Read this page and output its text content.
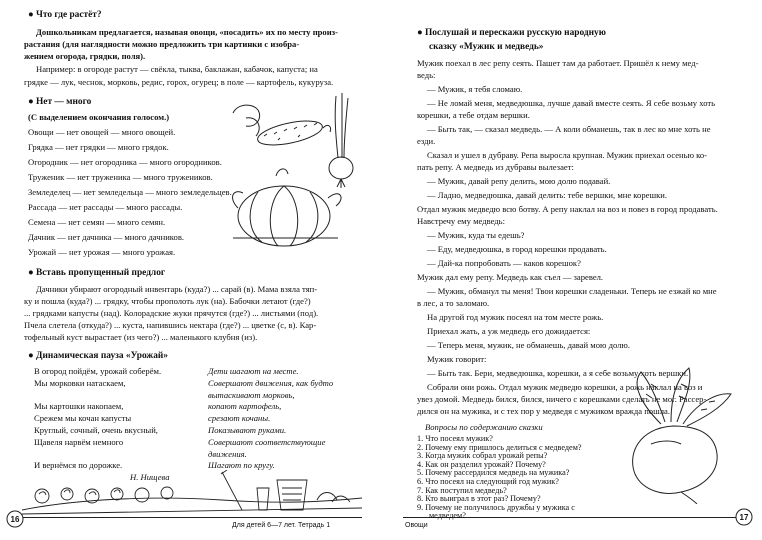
● Что где растёт?
Дошкольникам предлагается, называя овощи, «посадить» их по месту произ-
растания (для наглядности можно предложить три картинки с изобра-
жением огорода, грядки, поля).
Например: в огороде растут — свёкла, тыква, баклажан, кабачок, капуста; на
грядке — лук, чеснок, морковь, редис, горох, огурец; в поле — картофель, кукуруза.
● Нет — много
(С выделением окончания голосом.)
Овощи — нет овощей — много овощей.
Грядка — нет грядки — много грядок.
Огородник — нет огородника — много огородников.
Труженик — нет труженика — много тружеников.
Земледелец — нет земледельца — много земледельцев.
Рассада — нет рассады — много рассады.
Семена — нет семян — много семян.
Дачник — нет дачника — много дачников.
Урожай — нет урожая — много урожая.
● Вставь пропущенный предлог
Дачники убирают огородный инвентарь (куда?) ... сарай (в). Мама взяла тяп-
ку и пошла (куда?) ... грядку, чтобы прополоть лук (на). Бабочки летают (где?)
... грядками капусты (над). Колорадские жуки прячутся (где?) ... листьями (под).
Пчела слетела (откуда?) ... куста, напившись нектара (где?) ... цветке (с, в). Кар-
тофельный куст вырастает (из чего?) ... маленького клубня (из).
● Динамическая пауза «Урожай»
В огород пойдём, урожай соберём.
Мы морковки натаскаем,
Мы картошки накопаем,
Срежем мы кочан капусты
Круглый, сочный, очень вкусный,
Щавеля нарвём немного
И вернёмся по дорожке.
Н. Нищева
Дети шагают на месте.
Совершают движения, как будто
вытаскивают морковь,
копают картофель,
срезают кочаны.
Показывают руками.
Совершают соответствующие
движения.
Шагают по кругу.
16
Для детей 6—7 лет. Тетрадь 1
● Послушай и перескажи русскую народную
сказку «Мужик и медведь»
Мужик поехал в лес репу сеять. Пашет там да работает. Пришёл к нему мед-
ведь:
— Мужик, я тебя сломаю.
— Не ломай меня, медведюшка, лучше давай вместе сеять. Я себе возьму хоть
корешки, а тебе отдам вершки.
— Быть так, — сказал медведь. — А коли обманешь, так в лес ко мне хоть не
езди.
Сказал и ушел в дубраву. Репа выросла крупная. Мужик приехал осенью ко-
пать репу. А медведь из дубравы вылезает:
— Мужик, давай репу делить, мою долю подавай.
— Ладно, медведюшка, давай делить: тебе вершки, мне корешки.
Отдал мужик медведю всю ботву. А репу наклал на воз и повез в город продавать.
Навстречу ему медведь:
— Мужик, куда ты едешь?
— Еду, медведюшка, в город корешки продавать.
— Дай-ка попробовать — каков корешок?
Мужик дал ему репу. Медведь как съел — заревел.
— Мужик, обманул ты меня! Твои корешки сладеньки. Теперь не езжай ко мне
в лес, а то заломаю.
На другой год мужик посеял на том месте рожь.
Приехал жать, а уж медведь его дожидается:
— Теперь меня, мужик, не обманешь, давай мою долю.
Мужик говорит:
— Быть так. Бери, медведюшка, корешки, а я себе возьму хоть вершки.
Собрали они рожь. Отдал мужик медведю корешки, а рожь наклал на воз и
увез домой. Медведь бился, бился, ничего с корешками сделать не мог. Рассер-
дился он на мужика, и с тех пор у медведя с мужиком вражда пошла.
Вопросы по содержанию сказки
Овощи
17
1. Что посеял мужик?
2. Почему ему пришлось делиться с медведем?
3. Когда мужик собрал урожай репы?
4. Как он разделил урожай? Почему?
5. Почему рассердился медведь на мужика?
6. Что посеял на следующий год мужик?
7. Как поступил медведь?
8. Кто выиграл в этот раз? Почему?
9. Почему не получилось дружбы у мужика с
медведем?
